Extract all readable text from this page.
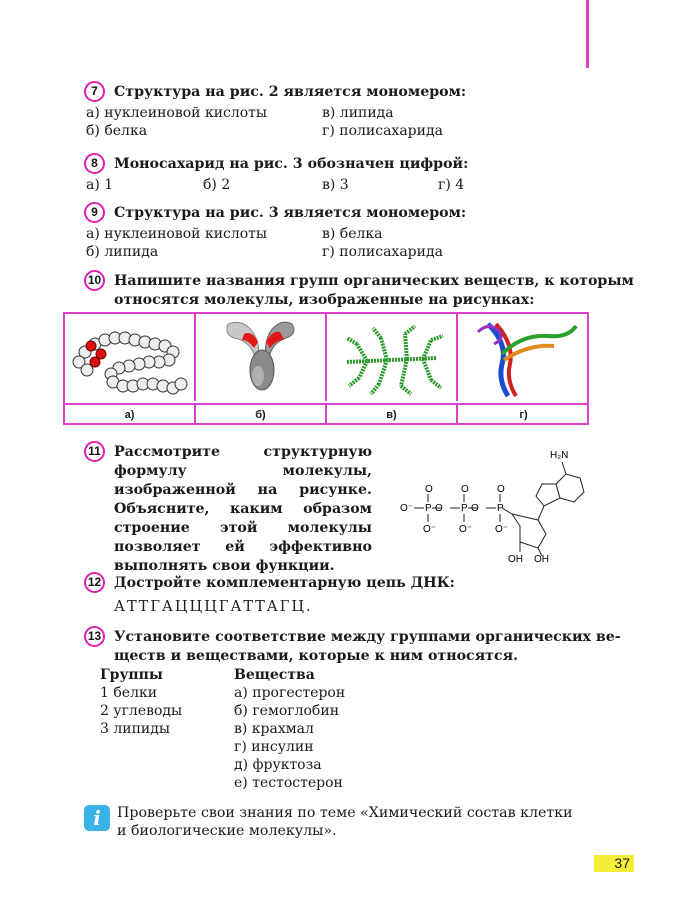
7	Структура на рис. 2 является мономером:
а) нуклеиновой кислоты
б) белка
в) липида
г) полисахарида
8	Моносахарид на рис. 3 обозначен цифрой:
а) 1	б) 2	в) 3	г) 4
9	Структура на рис. 3 является мономером:
а) нуклеиновой кислоты
б) липида
в) белка
г) полисахарида
10 Напишите названия групп органических веществ, к которым
относятся молекулы, изображенные на рисунках:
а)	б)	в)	г)
11 Рассмотрите структурную формулу молекулы, изображенной на рисунке. Объясните, каким образом строение этой молекулы позволяет ей эффективно выполнять свои функции.
O⁻ P	P	P
O	O
O	O	O
O⁻ O⁻ O⁻
H₂N
OH OH
12 Достройте комплементарную цепь ДНК:
АТТГАЦЦЦГАТТАГЦ.
13 Установите соответствие между группами органических ве-
ществ и веществами, которые к ним относятся.
Группы
1 белки
2 углеводы
3 липиды
Вещества
а) прогестерон
б) гемоглобин
в) крахмал
г) инсулин
д) фруктоза
е) тестостерон
i	Проверьте свои знания по теме «Химический состав клетки
и биологические молекулы».
37
